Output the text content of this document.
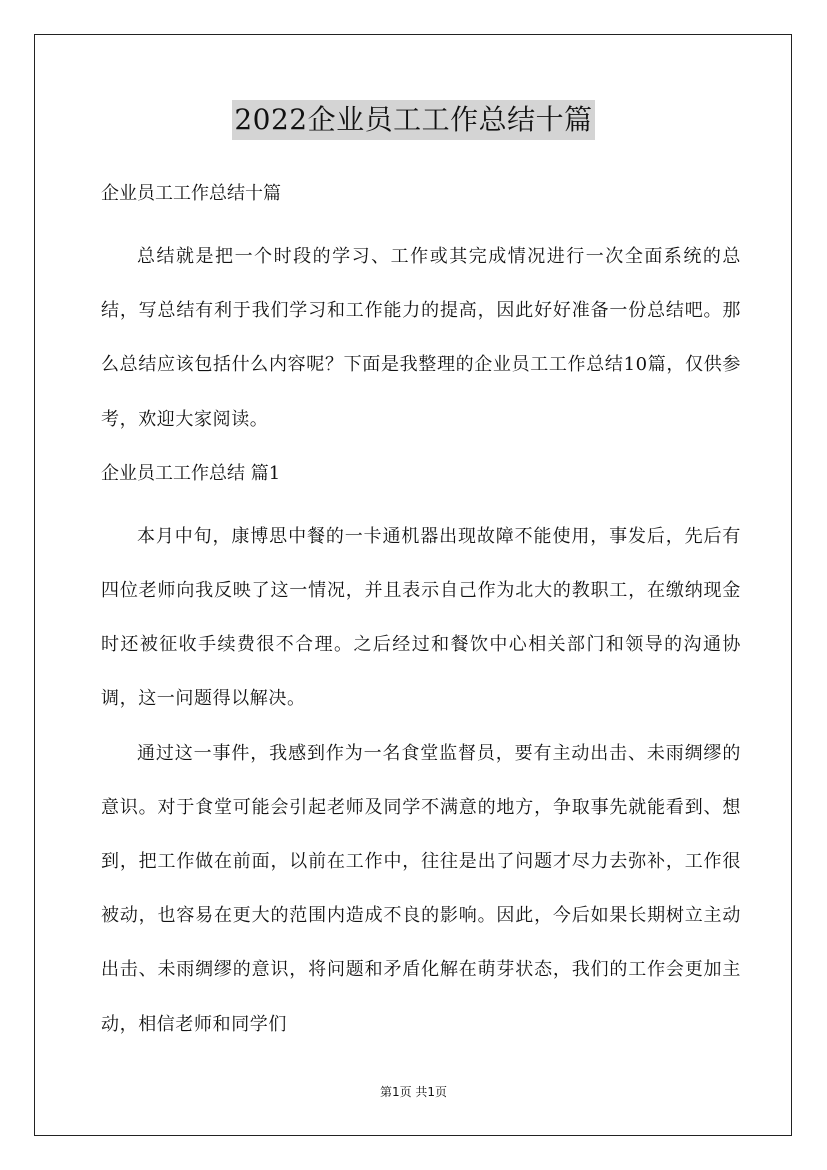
2022企业员工工作总结十篇

企业员工工作总结十篇

总结就是把一个时段的学习、工作或其完成情况进行一次全面系统的总结，写总结有利于我们学习和工作能力的提高，因此好好准备一份总结吧。那么总结应该包括什么内容呢？下面是我整理的企业员工工作总结10篇，仅供参考，欢迎大家阅读。

企业员工工作总结 篇1

本月中旬，康博思中餐的一卡通机器出现故障不能使用，事发后，先后有四位老师向我反映了这一情况，并且表示自己作为北大的教职工，在缴纳现金时还被征收手续费很不合理。之后经过和餐饮中心相关部门和领导的沟通协调，这一问题得以解决。

通过这一事件，我感到作为一名食堂监督员，要有主动出击、未雨绸缪的意识。对于食堂可能会引起老师及同学不满意的地方，争取事先就能看到、想到，把工作做在前面，以前在工作中，往往是出了问题才尽力去弥补，工作很被动，也容易在更大的范围内造成不良的影响。因此，今后如果长期树立主动出击、未雨绸缪的意识，将问题和矛盾化解在萌芽状态，我们的工作会更加主动，相信老师和同学们

第1页 共1页
